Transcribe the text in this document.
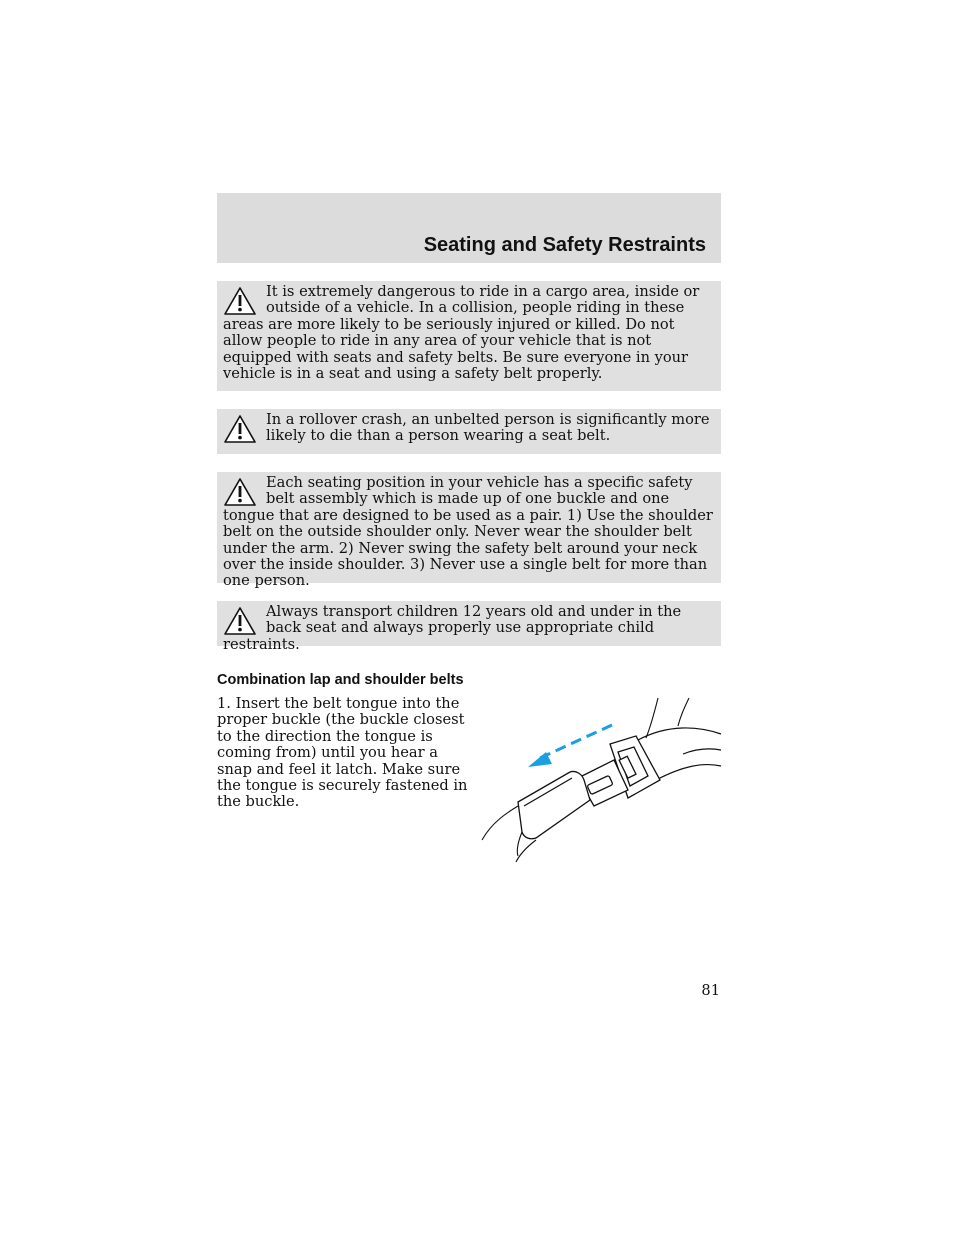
Seating and Safety Restraints

It is extremely dangerous to ride in a cargo area, inside or outside of a vehicle. In a collision, people riding in these areas are more likely to be seriously injured or killed. Do not allow people to ride in any area of your vehicle that is not equipped with seats and safety belts. Be sure everyone in your vehicle is in a seat and using a safety belt properly.

In a rollover crash, an unbelted person is significantly more likely to die than a person wearing a seat belt.

Each seating position in your vehicle has a specific safety belt assembly which is made up of one buckle and one tongue that are designed to be used as a pair. 1) Use the shoulder belt on the outside shoulder only. Never wear the shoulder belt under the arm. 2) Never swing the safety belt around your neck over the inside shoulder. 3) Never use a single belt for more than one person.

Always transport children 12 years old and under in the back seat and always properly use appropriate child restraints.

Combination lap and shoulder belts

1. Insert the belt tongue into the proper buckle (the buckle closest to the direction the tongue is coming from) until you hear a snap and feel it latch. Make sure the tongue is securely fastened in the buckle.

81
